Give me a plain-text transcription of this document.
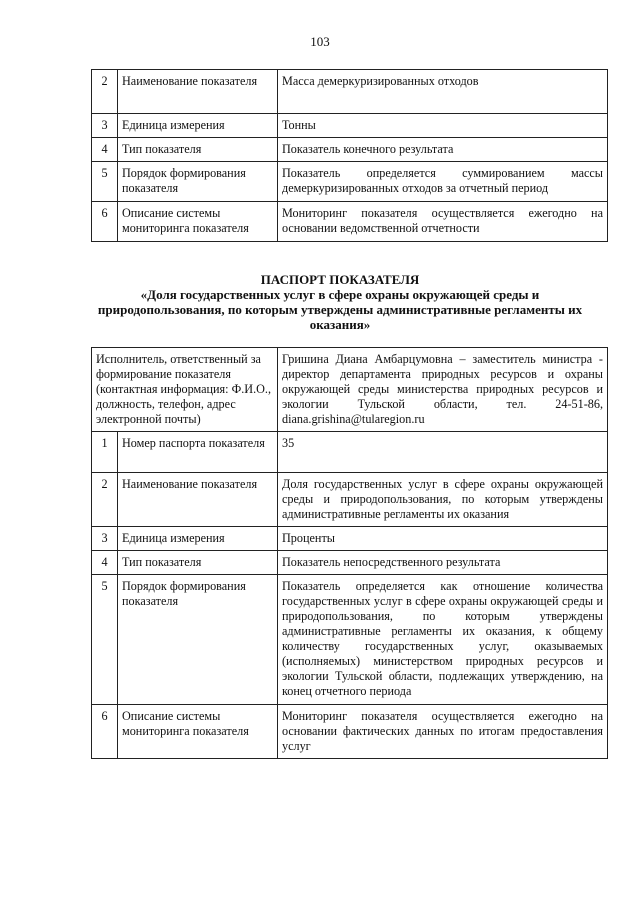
103
2	Наименование показателя	Масса демеркуризированных отходов
3	Единица измерения	Тонны
4	Тип показателя	Показатель конечного результата
5	Порядок формирования показателя	Показатель определяется суммированием массы демеркуризированных отходов за отчетный период
6	Описание системы мониторинга показателя	Мониторинг показателя осуществляется ежегодно на основании ведомственной отчетности
ПАСПОРТ ПОКАЗАТЕЛЯ
«Доля государственных услуг в сфере охраны окружающей среды и природопользования, по которым утверждены административные регламенты их оказания»
Исполнитель, ответственный за формирование показателя (контактная информация: Ф.И.О., должность, телефон, адрес электронной почты)		Гришина Диана Амбарцумовна – заместитель министра - директор департамента природных ресурсов и охраны окружающей среды министерства природных ресурсов и экологии Тульской области, тел. 24-51-86, diana.grishina@tularegion.ru
1	Номер паспорта показателя	35
2	Наименование показателя	Доля государственных услуг в сфере охраны окружающей среды и природопользования, по которым утверждены административные регламенты их оказания
3	Единица измерения	Проценты
4	Тип показателя	Показатель непосредственного результата
5	Порядок формирования показателя	Показатель определяется как отношение количества государственных услуг в сфере охраны окружающей среды и природопользования, по которым утверждены административные регламенты их оказания, к общему количеству государственных услуг, оказываемых (исполняемых) министерством природных ресурсов и экологии Тульской области, подлежащих утверждению, на конец отчетного периода
6	Описание системы мониторинга показателя	Мониторинг показателя осуществляется ежегодно на основании фактических данных по итогам предоставления услуг
